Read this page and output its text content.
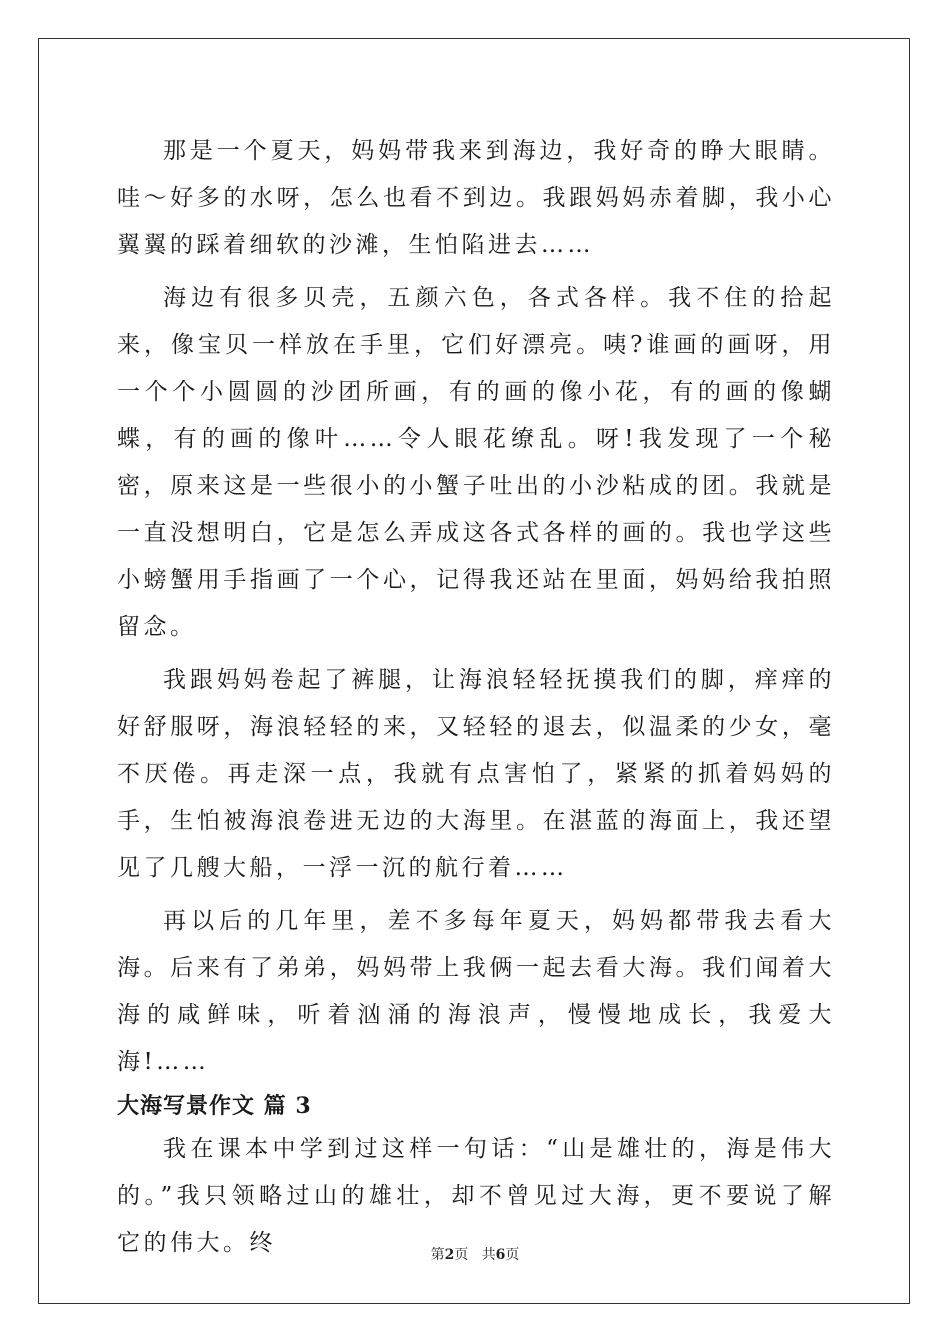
那是一个夏天，妈妈带我来到海边，我好奇的睁大眼睛。哇～好多的水呀，怎么也看不到边。我跟妈妈赤着脚，我小心翼翼的踩着细软的沙滩，生怕陷进去……

海边有很多贝壳，五颜六色，各式各样。我不住的拾起来，像宝贝一样放在手里，它们好漂亮。咦?谁画的画呀，用一个个小圆圆的沙团所画，有的画的像小花，有的画的像蝴蝶，有的画的像叶……令人眼花缭乱。呀!我发现了一个秘密，原来这是一些很小的小蟹子吐出的小沙粘成的团。我就是一直没想明白，它是怎么弄成这各式各样的画的。我也学这些小螃蟹用手指画了一个心，记得我还站在里面，妈妈给我拍照留念。

我跟妈妈卷起了裤腿，让海浪轻轻抚摸我们的脚，痒痒的好舒服呀，海浪轻轻的来，又轻轻的退去，似温柔的少女，毫不厌倦。再走深一点，我就有点害怕了，紧紧的抓着妈妈的手，生怕被海浪卷进无边的大海里。在湛蓝的海面上，我还望见了几艘大船，一浮一沉的航行着……

再以后的几年里，差不多每年夏天，妈妈都带我去看大海。后来有了弟弟，妈妈带上我俩一起去看大海。我们闻着大海的咸鲜味，听着汹涌的海浪声，慢慢地成长，我爱大海!……

大海写景作文 篇 3

我在课本中学到过这样一句话：“山是雄壮的，海是伟大的。”我只领略过山的雄壮，却不曾见过大海，更不要说了解它的伟大。终	第2页 共6页
